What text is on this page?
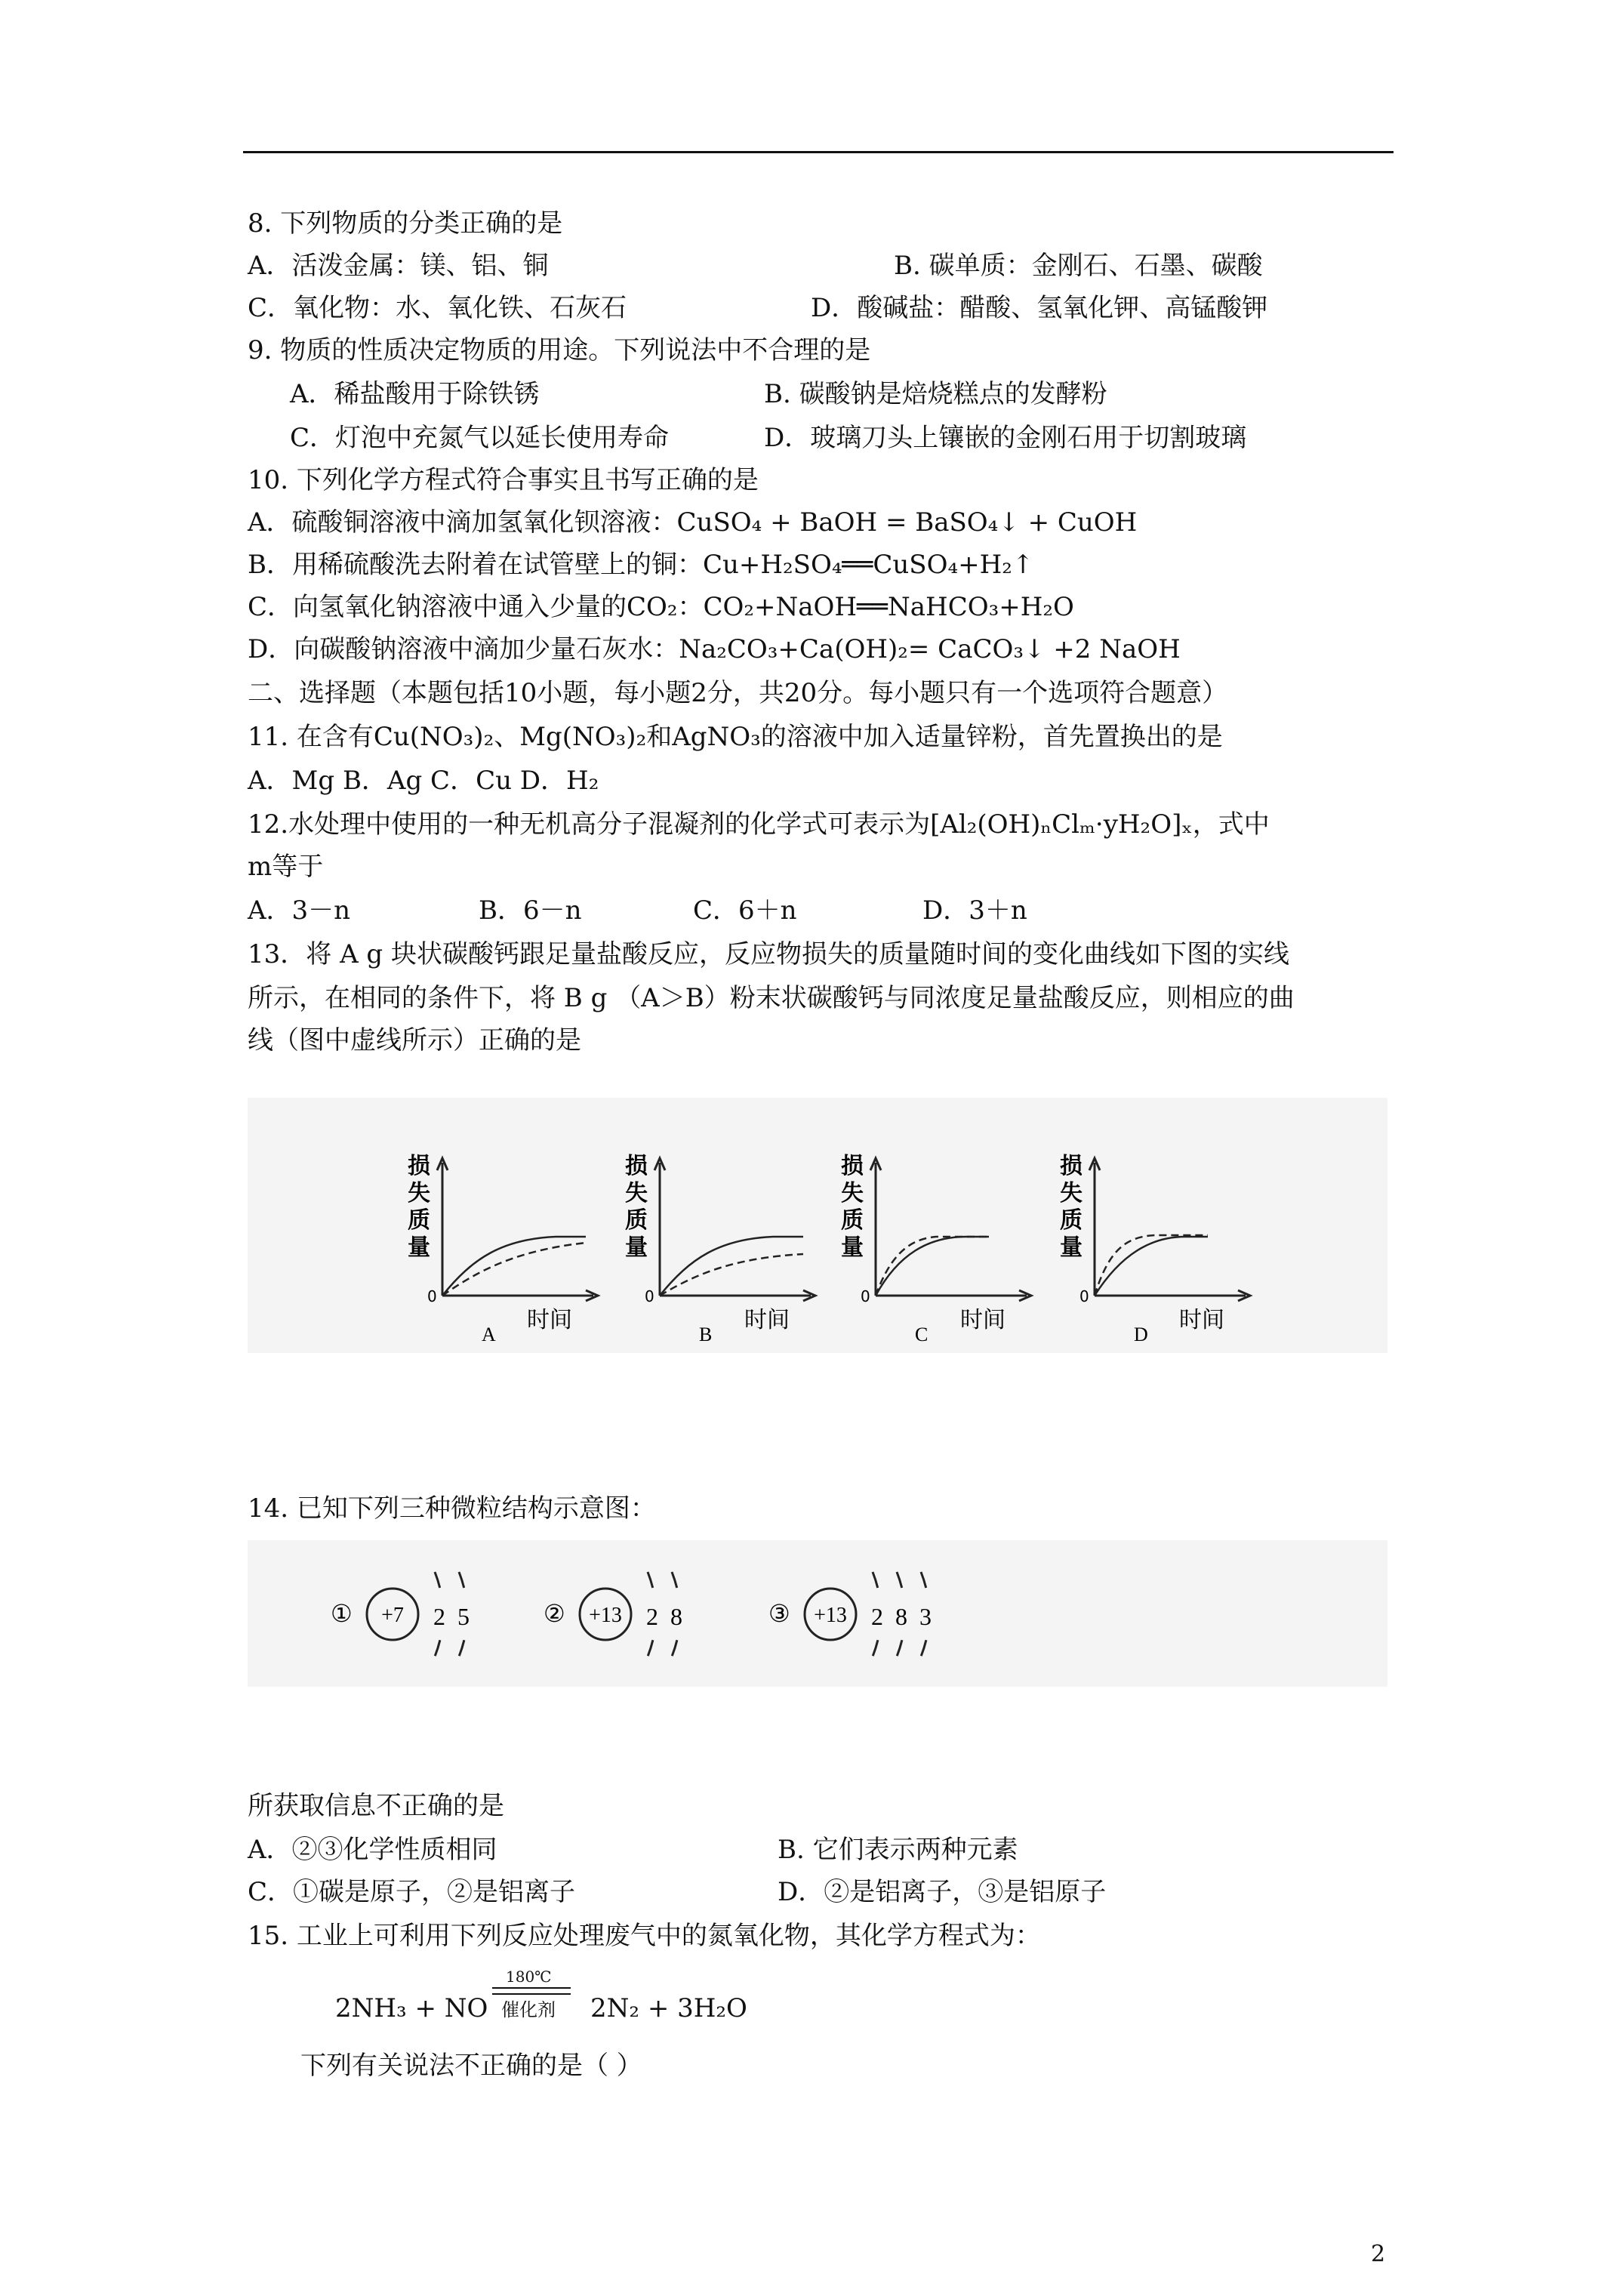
8. 下列物质的分类正确的是
A．活泼金属：镁、铝、铜	B. 碳单质：金刚石、石墨、碳酸
C．氧化物：水、氧化铁、石灰石	D．酸碱盐：醋酸、氢氧化钾、高锰酸钾
9. 物质的性质决定物质的用途。下列说法中不合理的是
A．稀盐酸用于除铁锈	B. 碳酸钠是焙烧糕点的发酵粉
C．灯泡中充氮气以延长使用寿命	D．玻璃刀头上镶嵌的金刚石用于切割玻璃
10. 下列化学方程式符合事实且书写正确的是
A．硫酸铜溶液中滴加氢氧化钡溶液：CuSO₄ + BaOH = BaSO₄↓ + CuOH
B．用稀硫酸洗去附着在试管壁上的铜：Cu+H₂SO₄══CuSO₄+H₂↑
C．向氢氧化钠溶液中通入少量的CO₂：CO₂+NaOH══NaHCO₃+H₂O
D．向碳酸钠溶液中滴加少量石灰水：Na₂CO₃+Ca(OH)₂= CaCO₃↓ +2 NaOH
二、选择题（本题包括10小题，每小题2分，共20分。每小题只有一个选项符合题意）
11. 在含有Cu(NO₃)₂、Mg(NO₃)₂和AgNO₃的溶液中加入适量锌粉，首先置换出的是
A．Mg B．Ag C．Cu D．H₂
12.水处理中使用的一种无机高分子混凝剂的化学式可表示为[Al₂(OH)ₙClₘ·yH₂O]ₓ，式中
m等于
A．3－n	B．6－n	C．6＋n	D．3＋n
13．将 A g 块状碳酸钙跟足量盐酸反应，反应物损失的质量随时间的变化曲线如下图的实线
所示，在相同的条件下，将 B g （A＞B）粉末状碳酸钙与同浓度足量盐酸反应，则相应的曲
线（图中虚线所示）正确的是
损
失
质
量
0
时间
A
损
失
质
量
0
时间
B
损
失
质
量
0
时间
C
损
失
质
量
0
时间
D
14. 已知下列三种微粒结构示意图：
① +7 2 5	② +13 2 8	③ +13 2 8 3
所获取信息不正确的是
A．②③化学性质相同	B. 它们表示两种元素
C．①碳是原子，②是铝离子	D．②是铝离子，③是铝原子
15. 工业上可利用下列反应处理废气中的氮氧化物，其化学方程式为：
2NH₃ + NO
180℃
催化剂 2N₂ + 3H₂O
下列有关说法不正确的是（ ）
2
